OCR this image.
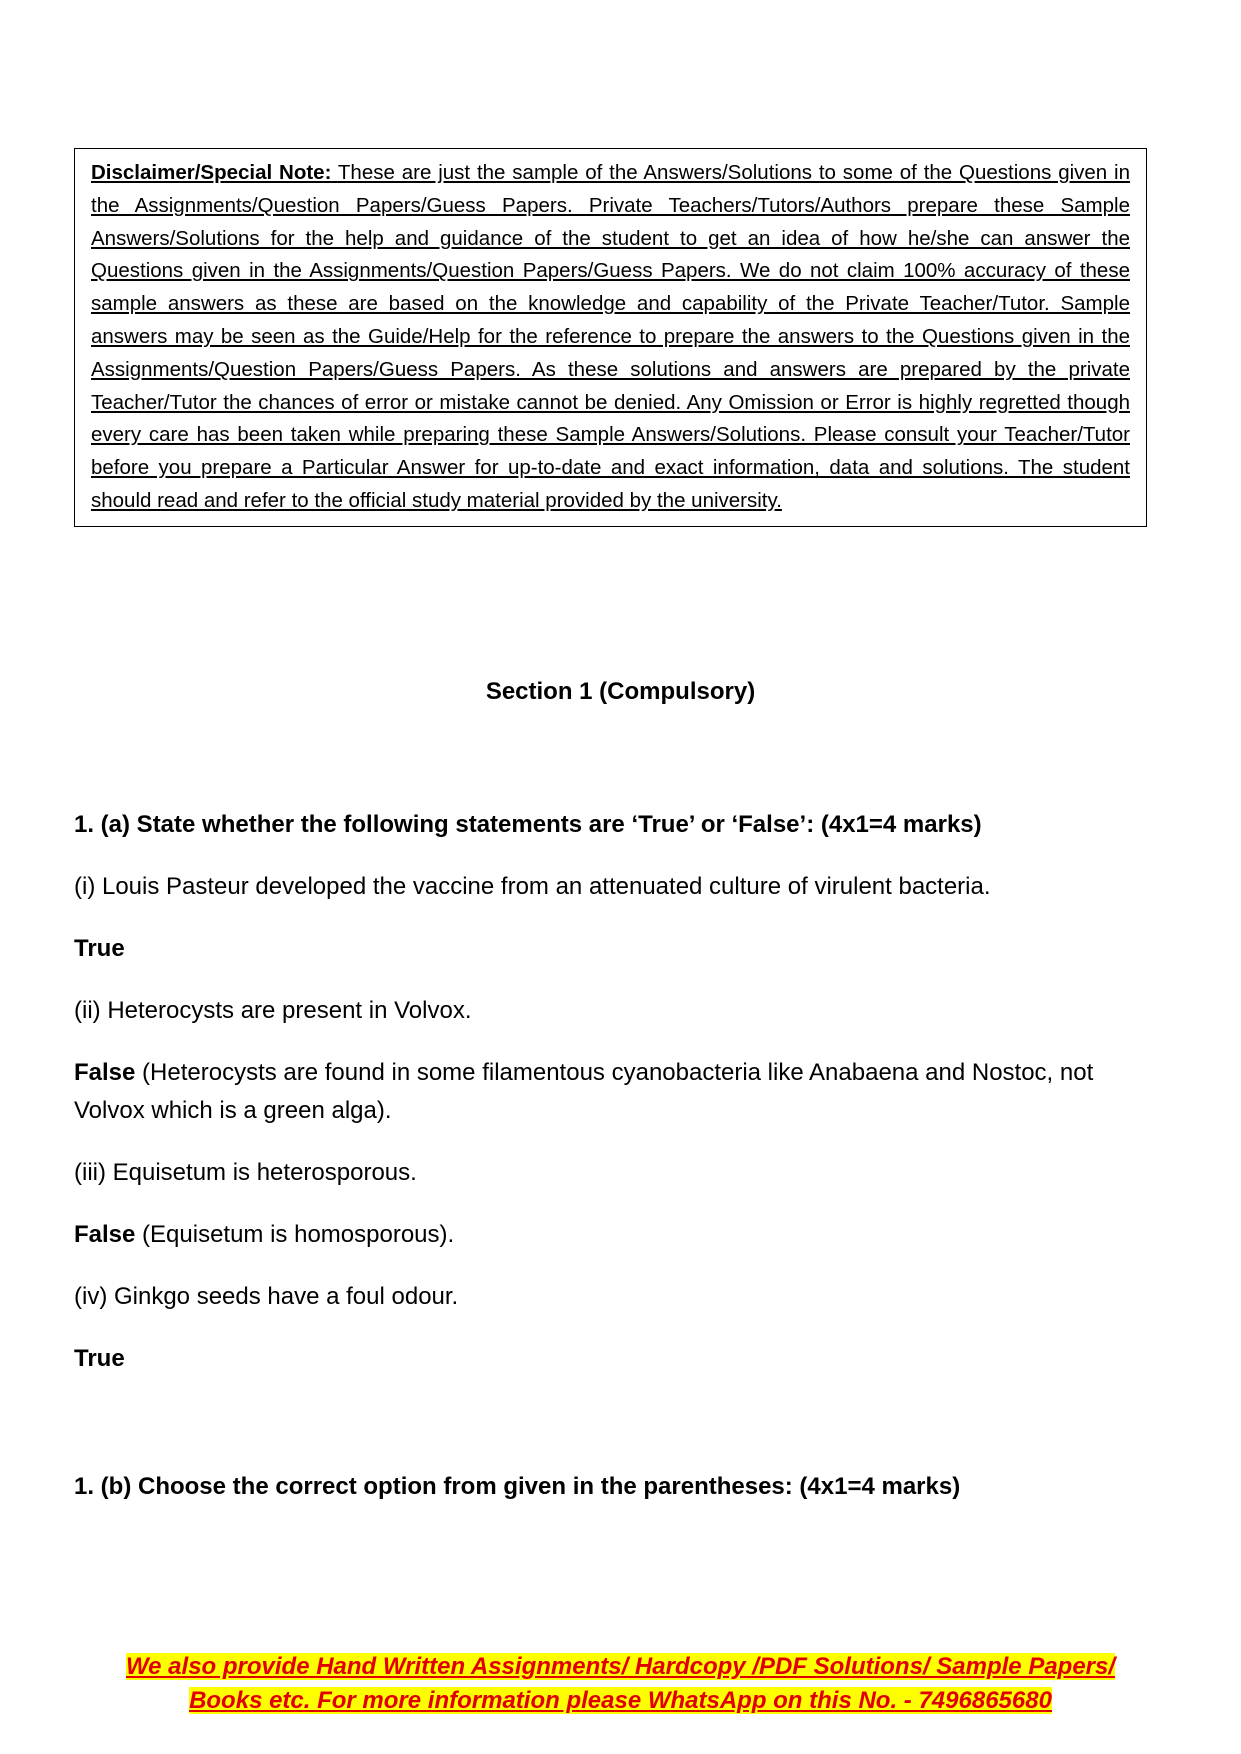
Disclaimer/Special Note: These are just the sample of the Answers/Solutions to some of the Questions given in the Assignments/Question Papers/Guess Papers. Private Teachers/Tutors/Authors prepare these Sample Answers/Solutions for the help and guidance of the student to get an idea of how he/she can answer the Questions given in the Assignments/Question Papers/Guess Papers. We do not claim 100% accuracy of these sample answers as these are based on the knowledge and capability of the Private Teacher/Tutor. Sample answers may be seen as the Guide/Help for the reference to prepare the answers to the Questions given in the Assignments/Question Papers/Guess Papers. As these solutions and answers are prepared by the private Teacher/Tutor the chances of error or mistake cannot be denied. Any Omission or Error is highly regretted though every care has been taken while preparing these Sample Answers/Solutions. Please consult your Teacher/Tutor before you prepare a Particular Answer for up-to-date and exact information, data and solutions. The student should read and refer to the official study material provided by the university.
Section 1 (Compulsory)
1. (a) State whether the following statements are ‘True’ or ‘False’: (4x1=4 marks)
(i) Louis Pasteur developed the vaccine from an attenuated culture of virulent bacteria.
True
(ii) Heterocysts are present in Volvox.
False (Heterocysts are found in some filamentous cyanobacteria like Anabaena and Nostoc, not Volvox which is a green alga).
(iii) Equisetum is heterosporous.
False (Equisetum is homosporous).
(iv) Ginkgo seeds have a foul odour.
True
1. (b) Choose the correct option from given in the parentheses: (4x1=4 marks)
We also provide Hand Written Assignments/ Hardcopy /PDF Solutions/ Sample Papers/
Books etc. For more information please WhatsApp on this No. - 7496865680
